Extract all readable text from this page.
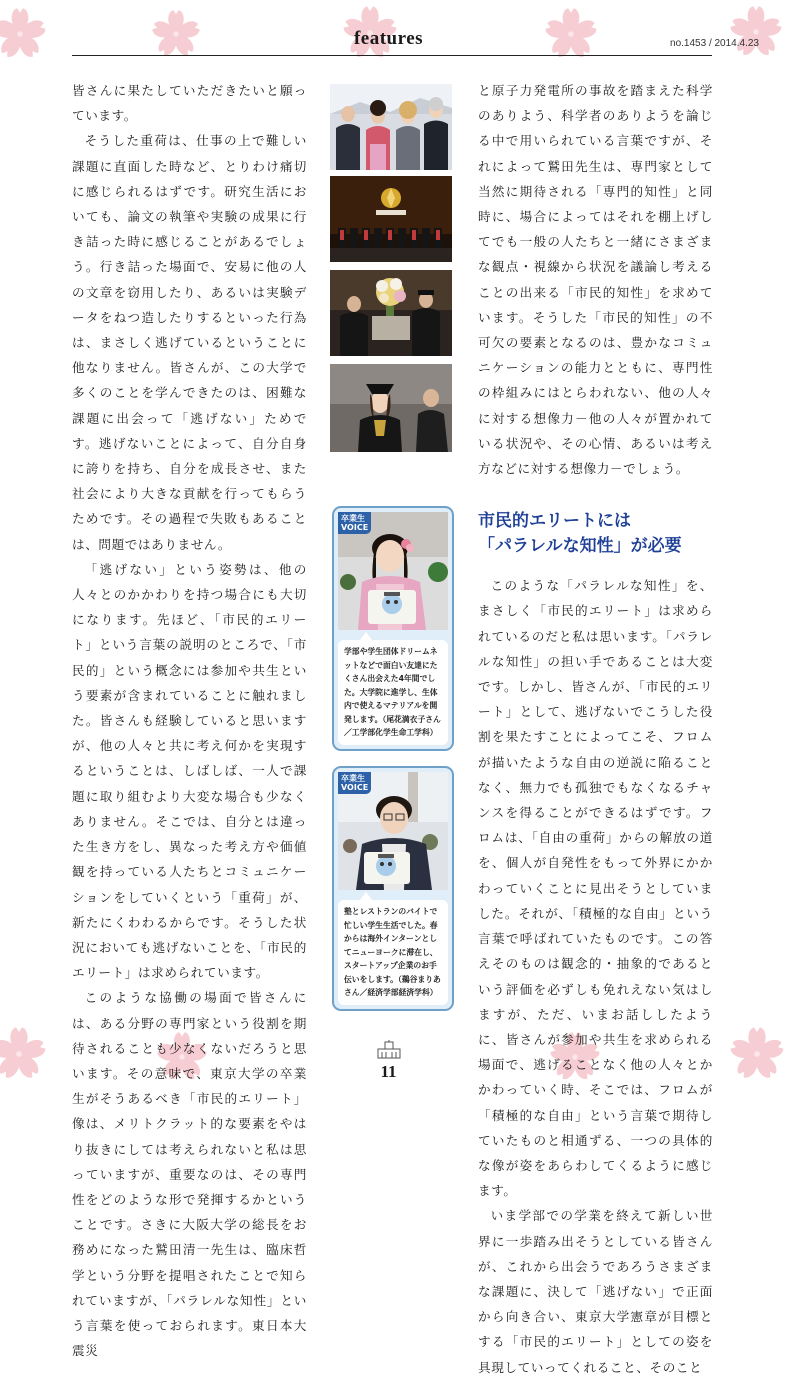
features	no.1453 / 2014.4.23

皆さんに果たしていただきたいと願っています。

そうした重荷は、仕事の上で難しい課題に直面した時など、とりわけ痛切に感じられるはずです。研究生活においても、論文の執筆や実験の成果に行き詰った時に感じることがあるでしょう。行き詰った場面で、安易に他の人の文章を窃用したり、あるいは実験データをねつ造したりするといった行為は、まさしく逃げているということに他なりません。皆さんが、この大学で多くのことを学んできたのは、困難な課題に出会って「逃げない」ためです。逃げないことによって、自分自身に誇りを持ち、自分を成長させ、また社会により大きな貢献を行ってもらうためです。その過程で失敗もあることは、問題ではありません。

「逃げない」という姿勢は、他の人々とのかかわりを持つ場合にも大切になります。先ほど、「市民的エリート」という言葉の説明のところで、「市民的」という概念には参加や共生という要素が含まれていることに触れました。皆さんも経験していると思いますが、他の人々と共に考え何かを実現するということは、しばしば、一人で課題に取り組むより大変な場合も少なくありません。そこでは、自分とは違った生き方をし、異なった考え方や価値観を持っている人たちとコミュニケーションをしていくという「重荷」が、新たにくわわるからです。そうした状況においても逃げないことを、「市民的エリート」は求められています。

このような協働の場面で皆さんには、ある分野の専門家という役割を期待されることも少なくないだろうと思います。その意味で、東京大学の卒業生がそうあるべき「市民的エリート」像は、メリトクラット的な要素をやはり抜きにしては考えられないと私は思っていますが、重要なのは、その専門性をどのような形で発揮するかということです。さきに大阪大学の総長をお務めになった鷲田清一先生は、臨床哲学という分野を提唱されたことで知られていますが、「パラレルな知性」という言葉を使っておられます。東日本大震災

卒業生
VOICE
学部や学生団体ドリームネットなどで面白い友達にたくさん出会えた4年間でした。大学院に進学し、生体内で使えるマテリアルを開発します。（尾花満衣子さん／工学部化学生命工学科）
卒業生
VOICE
塾とレストランのバイトで忙しい学生生活でした。春からは海外インターンとしてニューヨークに滞在し、スタートアップ企業のお手伝いをします。（鵜谷まりあさん／経済学部経済学科）

と原子力発電所の事故を踏まえた科学のありよう、科学者のありようを論じる中で用いられている言葉ですが、それによって鷲田先生は、専門家として当然に期待される「専門的知性」と同時に、場合によってはそれを棚上げしてでも一般の人たちと一緒にさまざまな観点・視線から状況を議論し考えることの出来る「市民的知性」を求めています。そうした「市民的知性」の不可欠の要素となるのは、豊かなコミュニケーションの能力とともに、専門性の枠組みにはとらわれない、他の人々に対する想像力－他の人々が置かれている状況や、その心情、あるいは考え方などに対する想像力－でしょう。

市民的エリートには
「パラレルな知性」が必要

このような「パラレルな知性」を、まさしく「市民的エリート」は求められているのだと私は思います。「パラレルな知性」の担い手であることは大変です。しかし、皆さんが、「市民的エリート」として、逃げないでこうした役割を果たすことによってこそ、フロムが描いたような自由の逆説に陥ることなく、無力でも孤独でもなくなるチャンスを得ることができるはずです。フロムは、「自由の重荷」からの解放の道を、個人が自発性をもって外界にかかわっていくことに見出そうとしていました。それが、「積極的な自由」という言葉で呼ばれていたものです。この答えそのものは観念的・抽象的であるという評価を必ずしも免れえない気はしますが、ただ、いまお話ししたように、皆さんが参加や共生を求められる場面で、逃げることなく他の人々とかかわっていく時、そこでは、フロムが「積極的な自由」という言葉で期待していたものと相通ずる、一つの具体的な像が姿をあらわしてくるように感じます。

いま学部での学業を終えて新しい世界に一歩踏み出そうとしている皆さんが、これから出会うであろうさまざまな課題に、決して「逃げない」で正面から向き合い、東京大学憲章が目標とする「市民的エリート」としての姿を具現していってくれること、そのこと

11
